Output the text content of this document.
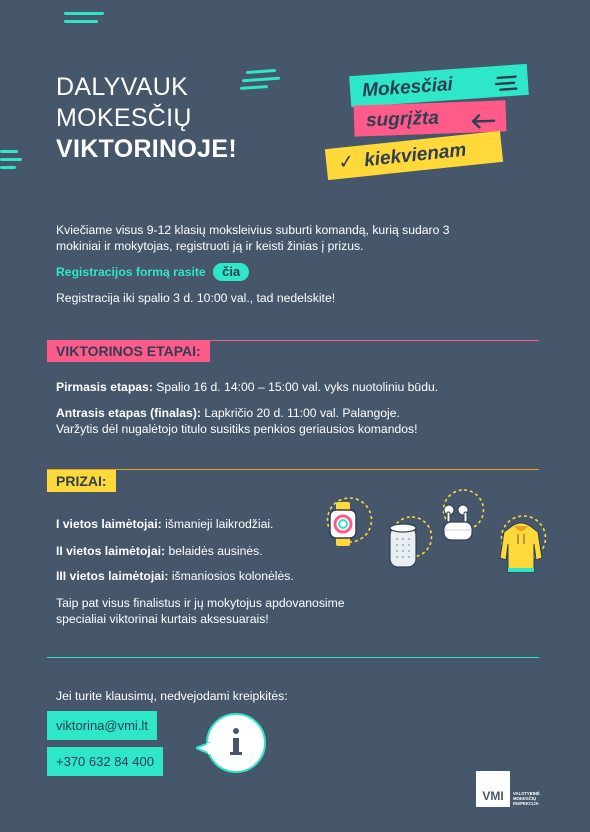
DALYVAUK
MOKESČIŲ
VIKTORINOJE!
Mokesčiai
sugrįžta
✓ kiekvienam
Kviečiame visus 9-12 klasių moksleivius suburti komandą, kurią sudaro 3
mokiniai ir mokytojas, registruoti ją ir keisti žinias į prizus.
Registracijos formą rasite čia
Registracija iki spalio 3 d. 10:00 val., tad nedelskite!
VIKTORINOS ETAPAI:
Pirmasis etapas: Spalio 16 d. 14:00 – 15:00 val. vyks nuotoliniu būdu.
Antrasis etapas (finalas): Lapkričio 20 d. 11:00 val. Palangoje.
Varžytis dėl nugalėtojo titulo susitiks penkios geriausios komandos!
PRIZAI:
I vietos laimėtojai: išmanieji laikrodžiai.
II vietos laimėtojai: belaidės ausinės.
III vietos laimėtojai: išmaniosios kolonėlės.
Taip pat visus finalistus ir jų mokytojus apdovanosime
specialiai viktorinai kurtais aksesuarais!
Jei turite klausimų, nedvejodami kreipkitės:
viktorina@vmi.lt
+370 632 84 400
VMI VALSTYBINĖ
MOKESČIŲ
INSPEKCIJA
